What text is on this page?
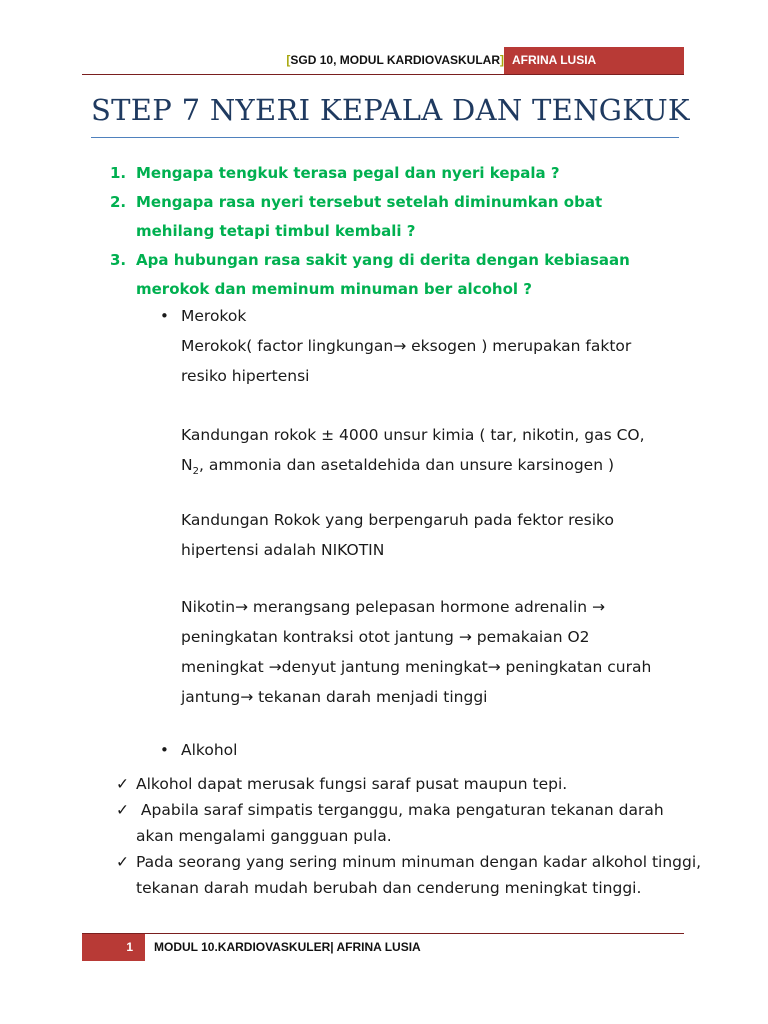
[SGD 10, MODUL KARDIOVASKULAR] AFRINA LUSIA
STEP 7 NYERI KEPALA DAN TENGKUK
1. Mengapa tengkuk terasa pegal dan nyeri kepala ?
2. Mengapa rasa nyeri tersebut setelah diminumkan obat
mehilang tetapi timbul kembali ?
3. Apa hubungan rasa sakit yang di derita dengan kebiasaan
merokok dan meminum minuman ber alcohol ?
• Merokok
Merokok( factor lingkungan→ eksogen ) merupakan faktor
resiko hipertensi
Kandungan rokok ± 4000 unsur kimia ( tar, nikotin, gas CO,
$N_2$, ammonia dan asetaldehida dan unsure karsinogen )
Kandungan Rokok yang berpengaruh pada fektor resiko
hipertensi adalah NIKOTIN
Nikotin→ merangsang pelepasan hormone adrenalin →
peningkatan kontraksi otot jantung → pemakaian O2
meningkat →denyut jantung meningkat→ peningkatan curah
jantung→ tekanan darah menjadi tinggi
• Alkohol
✓ Alkohol dapat merusak fungsi saraf pusat maupun tepi.
✓ Apabila saraf simpatis terganggu, maka pengaturan tekanan darah
akan mengalami gangguan pula.
✓ Pada seorang yang sering minum minuman dengan kadar alkohol tinggi,
tekanan darah mudah berubah dan cenderung meningkat tinggi.
1	MODUL 10.KARDIOVASKULER| AFRINA LUSIA
